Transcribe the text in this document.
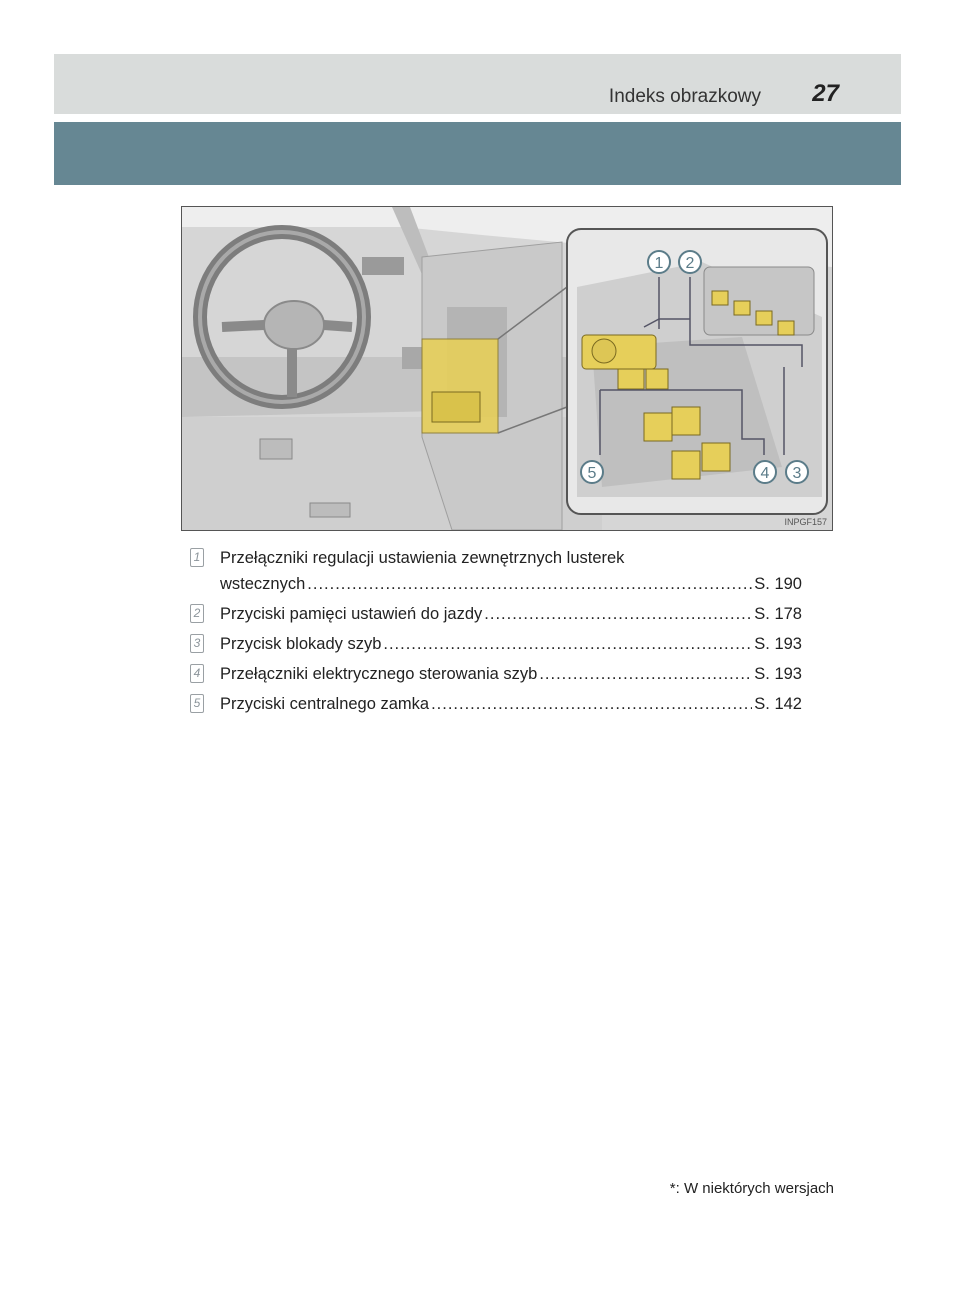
Indeks obrazkowy 27
1 2
3
4
5
INPGF157
1 Przełączniki regulacji ustawienia zewnętrznych lusterek
wstecznych .....	S. 190
2 Przyciski pamięci ustawień do jazdy .....	S. 178
3 Przycisk blokady szyb .....	S. 193
4 Przełączniki elektrycznego sterowania szyb .....	S. 193
5 Przyciski centralnego zamka .....	S. 142
*: W niektórych wersjach
